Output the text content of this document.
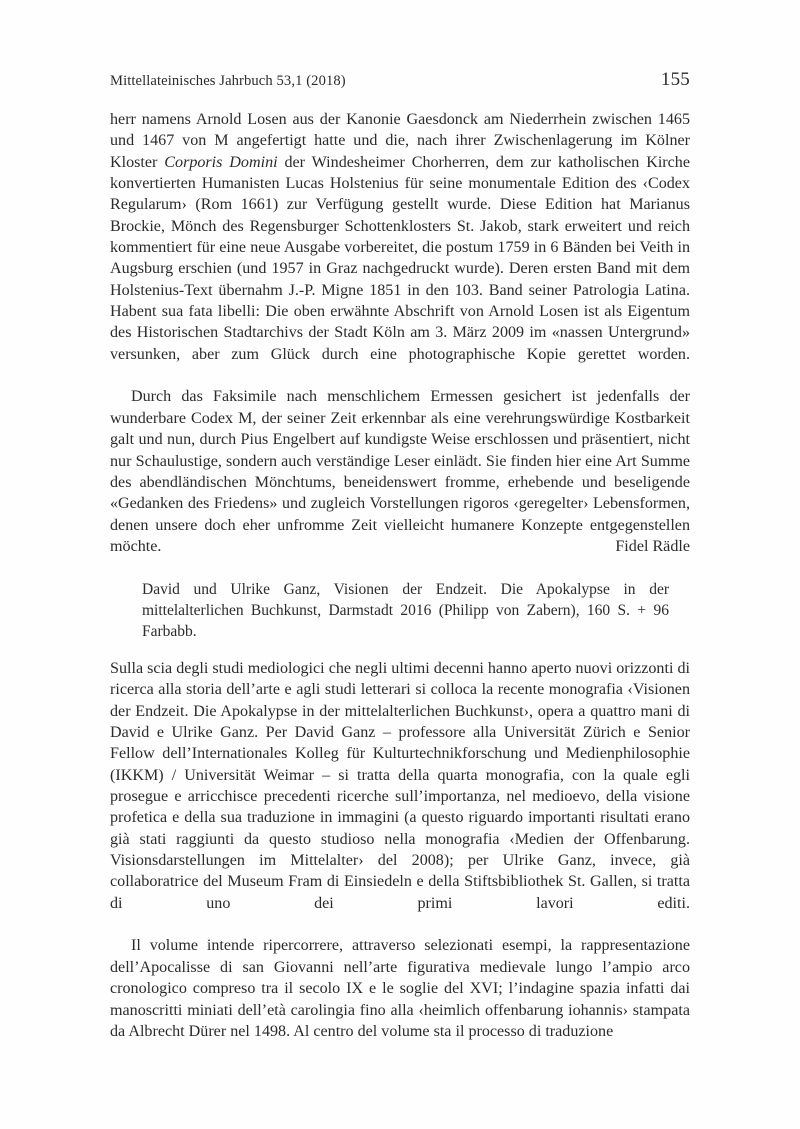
Mittellateinisches Jahrbuch 53,1 (2018)	155

herr namens Arnold Losen aus der Kanonie Gaesdonck am Niederrhein zwischen 1465 und 1467 von M angefertigt hatte und die, nach ihrer Zwischenlagerung im Kölner Kloster Corporis Domini der Windesheimer Chorherren, dem zur katholischen Kirche konvertierten Humanisten Lucas Holstenius für seine monumentale Edition des ‹Codex Regularum› (Rom 1661) zur Verfügung gestellt wurde. Diese Edition hat Marianus Brockie, Mönch des Regensburger Schottenklosters St. Jakob, stark erweitert und reich kommentiert für eine neue Ausgabe vorbereitet, die postum 1759 in 6 Bänden bei Veith in Augsburg erschien (und 1957 in Graz nachgedruckt wurde). Deren ersten Band mit dem Holstenius-Text übernahm J.-P. Migne 1851 in den 103. Band seiner Patrologia Latina. Habent sua fata libelli: Die oben erwähnte Abschrift von Arnold Losen ist als Eigentum des Historischen Stadtarchivs der Stadt Köln am 3. März 2009 im «nassen Untergrund» versunken, aber zum Glück durch eine photographische Kopie gerettet worden.

Durch das Faksimile nach menschlichem Ermessen gesichert ist jedenfalls der wunderbare Codex M, der seiner Zeit erkennbar als eine verehrungswürdige Kostbarkeit galt und nun, durch Pius Engelbert auf kundigste Weise erschlossen und präsentiert, nicht nur Schaulustige, sondern auch verständige Leser einlädt. Sie finden hier eine Art Summe des abendländischen Mönchtums, beneidenswert fromme, erhebende und beseligende «Gedanken des Friedens» und zugleich Vorstellungen rigoros ‹geregelter› Lebensformen, denen unsere doch eher unfromme Zeit vielleicht humanere Konzepte entgegenstellen möchte.	Fidel Rädle

David und Ulrike Ganz, Visionen der Endzeit. Die Apokalypse in der mittelalterlichen Buchkunst, Darmstadt 2016 (Philipp von Zabern), 160 S. + 96 Farbabb.

Sulla scia degli studi mediologici che negli ultimi decenni hanno aperto nuovi orizzonti di ricerca alla storia dell’arte e agli studi letterari si colloca la recente monografia ‹Visionen der Endzeit. Die Apokalypse in der mittelalterlichen Buchkunst›, opera a quattro mani di David e Ulrike Ganz. Per David Ganz – professore alla Universität Zürich e Senior Fellow dell’Internationales Kolleg für Kulturtechnikforschung und Medienphilosophie (IKKM) / Universität Weimar – si tratta della quarta monografia, con la quale egli prosegue e arricchisce precedenti ricerche sull’importanza, nel medioevo, della visione profetica e della sua traduzione in immagini (a questo riguardo importanti risultati erano già stati raggiunti da questo studioso nella monografia ‹Medien der Offenbarung. Visionsdarstellungen im Mittelalter› del 2008); per Ulrike Ganz, invece, già collaboratrice del Museum Fram di Einsiedeln e della Stiftsbibliothek St. Gallen, si tratta di uno dei primi lavori editi.

Il volume intende ripercorrere, attraverso selezionati esempi, la rappresentazione dell’Apocalisse di san Giovanni nell’arte figurativa medievale lungo l’ampio arco cronologico compreso tra il secolo IX e le soglie del XVI; l’indagine spazia infatti dai manoscritti miniati dell’età carolingia fino alla ‹heimlich offenbarung iohannis› stampata da Albrecht Dürer nel 1498. Al centro del volume sta il processo di traduzione
